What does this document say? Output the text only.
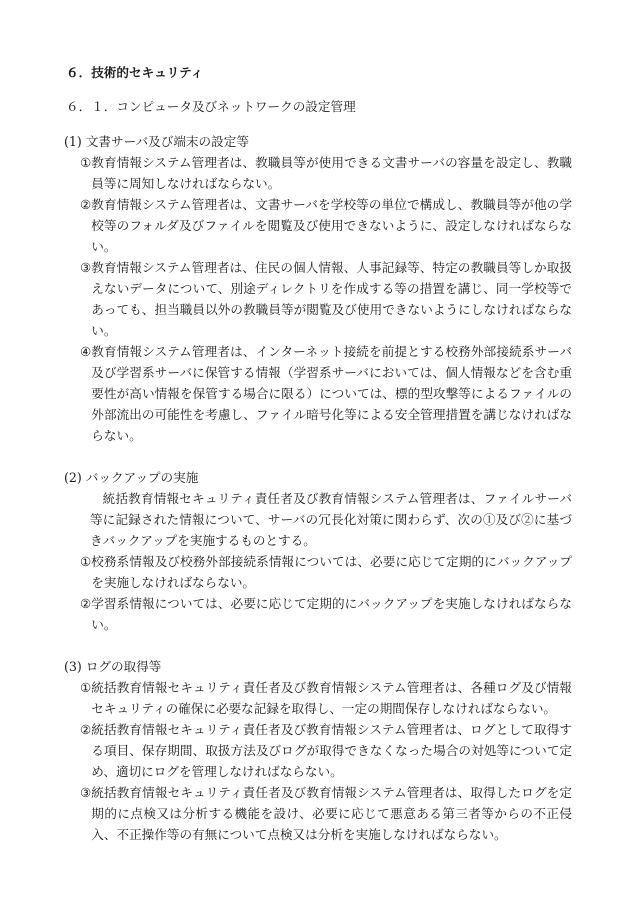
６．技術的セキュリティ
６．１．コンピュータ及びネットワークの設定管理
(1) 文書サーバ及び端末の設定等
① 教育情報システム管理者は、教職員等が使用できる文書サーバの容量を設定し、教職員等に周知しなければならない。
② 教育情報システム管理者は、文書サーバを学校等の単位で構成し、教職員等が他の学校等のフォルダ及びファイルを閲覧及び使用できないように、設定しなければならない。
③ 教育情報システム管理者は、住民の個人情報、人事記録等、特定の教職員等しか取扱えないデータについて、別途ディレクトリを作成する等の措置を講じ、同一学校等であっても、担当職員以外の教職員等が閲覧及び使用できないようにしなければならない。
④ 教育情報システム管理者は、インターネット接続を前提とする校務外部接続系サーバ及び学習系サーバに保管する情報（学習系サーバにおいては、個人情報などを含む重要性が高い情報を保管する場合に限る）については、標的型攻撃等によるファイルの外部流出の可能性を考慮し、ファイル暗号化等による安全管理措置を講じなければならない。
(2) バックアップの実施
統括教育情報セキュリティ責任者及び教育情報システム管理者は、ファイルサーバ等に記録された情報について、サーバの冗長化対策に関わらず、次の①及び②に基づきバックアップを実施するものとする。
① 校務系情報及び校務外部接続系情報については、必要に応じて定期的にバックアップを実施しなければならない。
② 学習系情報については、必要に応じて定期的にバックアップを実施しなければならない。
(3) ログの取得等
① 統括教育情報セキュリティ責任者及び教育情報システム管理者は、各種ログ及び情報セキュリティの確保に必要な記録を取得し、一定の期間保存しなければならない。
② 統括教育情報セキュリティ責任者及び教育情報システム管理者は、ログとして取得する項目、保存期間、取扱方法及びログが取得できなくなった場合の対処等について定め、適切にログを管理しなければならない。
③ 統括教育情報セキュリティ責任者及び教育情報システム管理者は、取得したログを定期的に点検又は分析する機能を設け、必要に応じて悪意ある第三者等からの不正侵入、不正操作等の有無について点検又は分析を実施しなければならない。
